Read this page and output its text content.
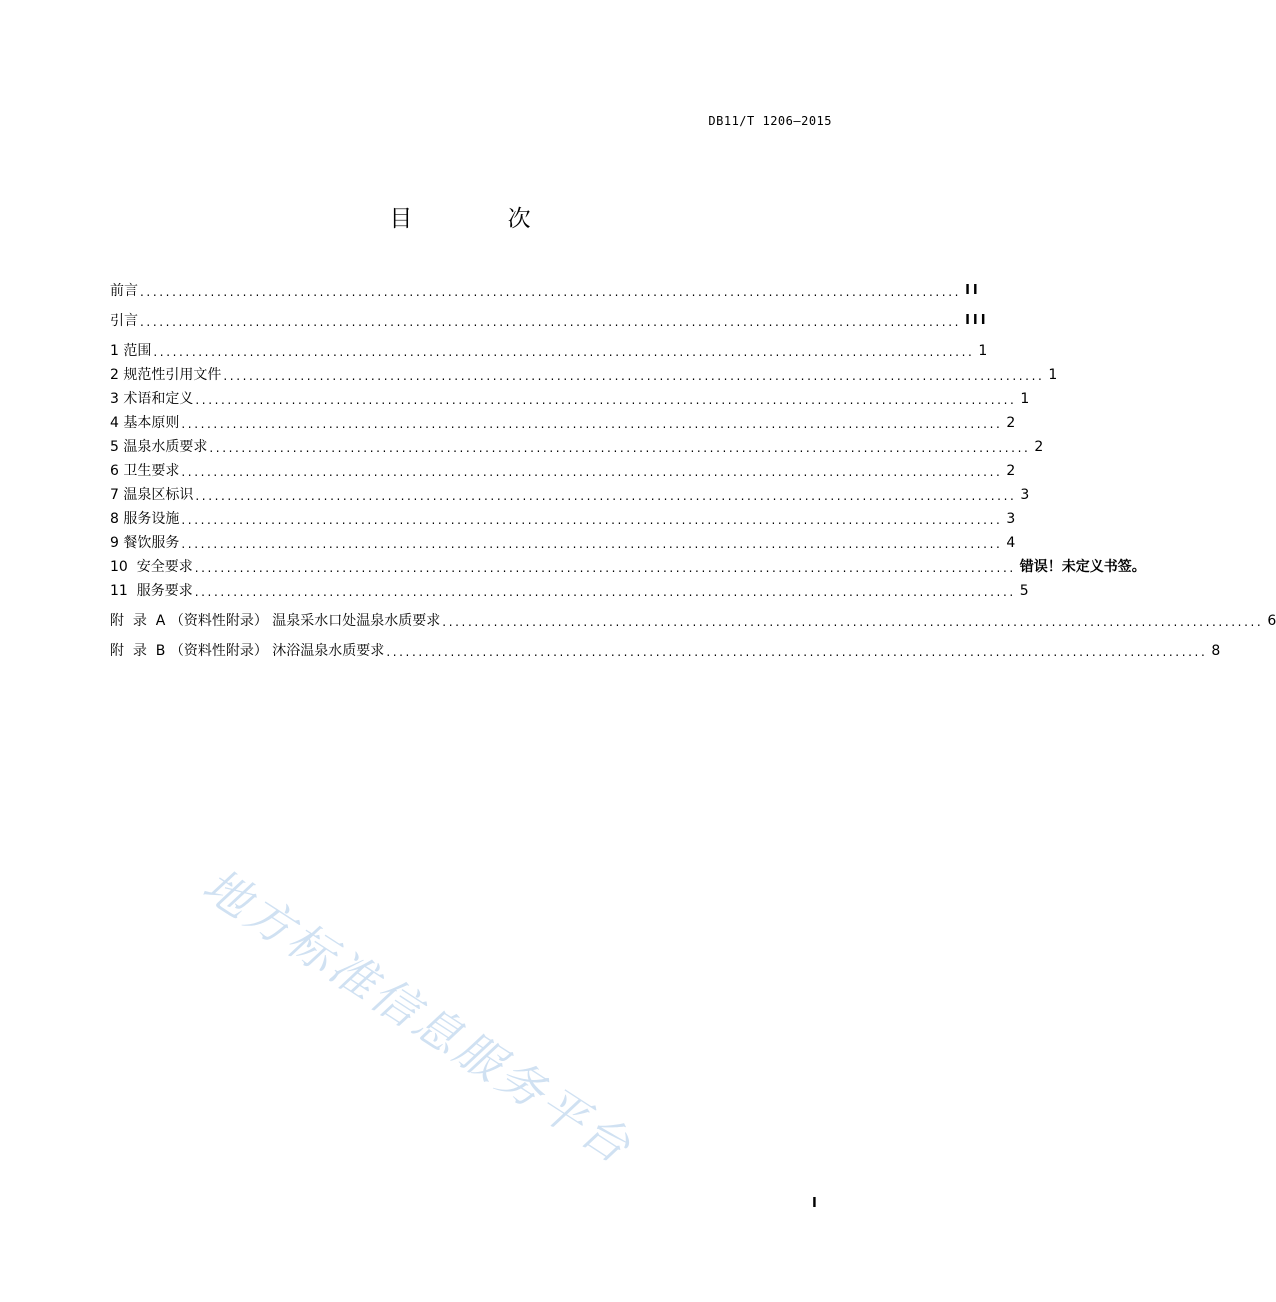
DB11/T 1206—2015
目 次
前言 ................................................................................................................................ II
引言 ................................................................................................................................ III
1 范围 ................................................................................................................................ 1
2 规范性引用文件 ................................................................................................................................ 1
3 术语和定义 ................................................................................................................................ 1
4 基本原则 ................................................................................................................................ 2
5 温泉水质要求 ................................................................................................................................ 2
6 卫生要求 ................................................................................................................................ 2
7 温泉区标识 ................................................................................................................................ 3
8 服务设施 ................................................................................................................................ 3
9 餐饮服务 ................................................................................................................................ 4
10  安全要求 ................................................................................................................................ 错误！未定义书签。
11  服务要求 ................................................................................................................................ 5
附  录  A （资料性附录） 温泉采水口处温泉水质要求 ................................................................................................................................ 6
附  录  B （资料性附录） 沐浴温泉水质要求 ................................................................................................................................ 8
地方标准信息服务平台
I
